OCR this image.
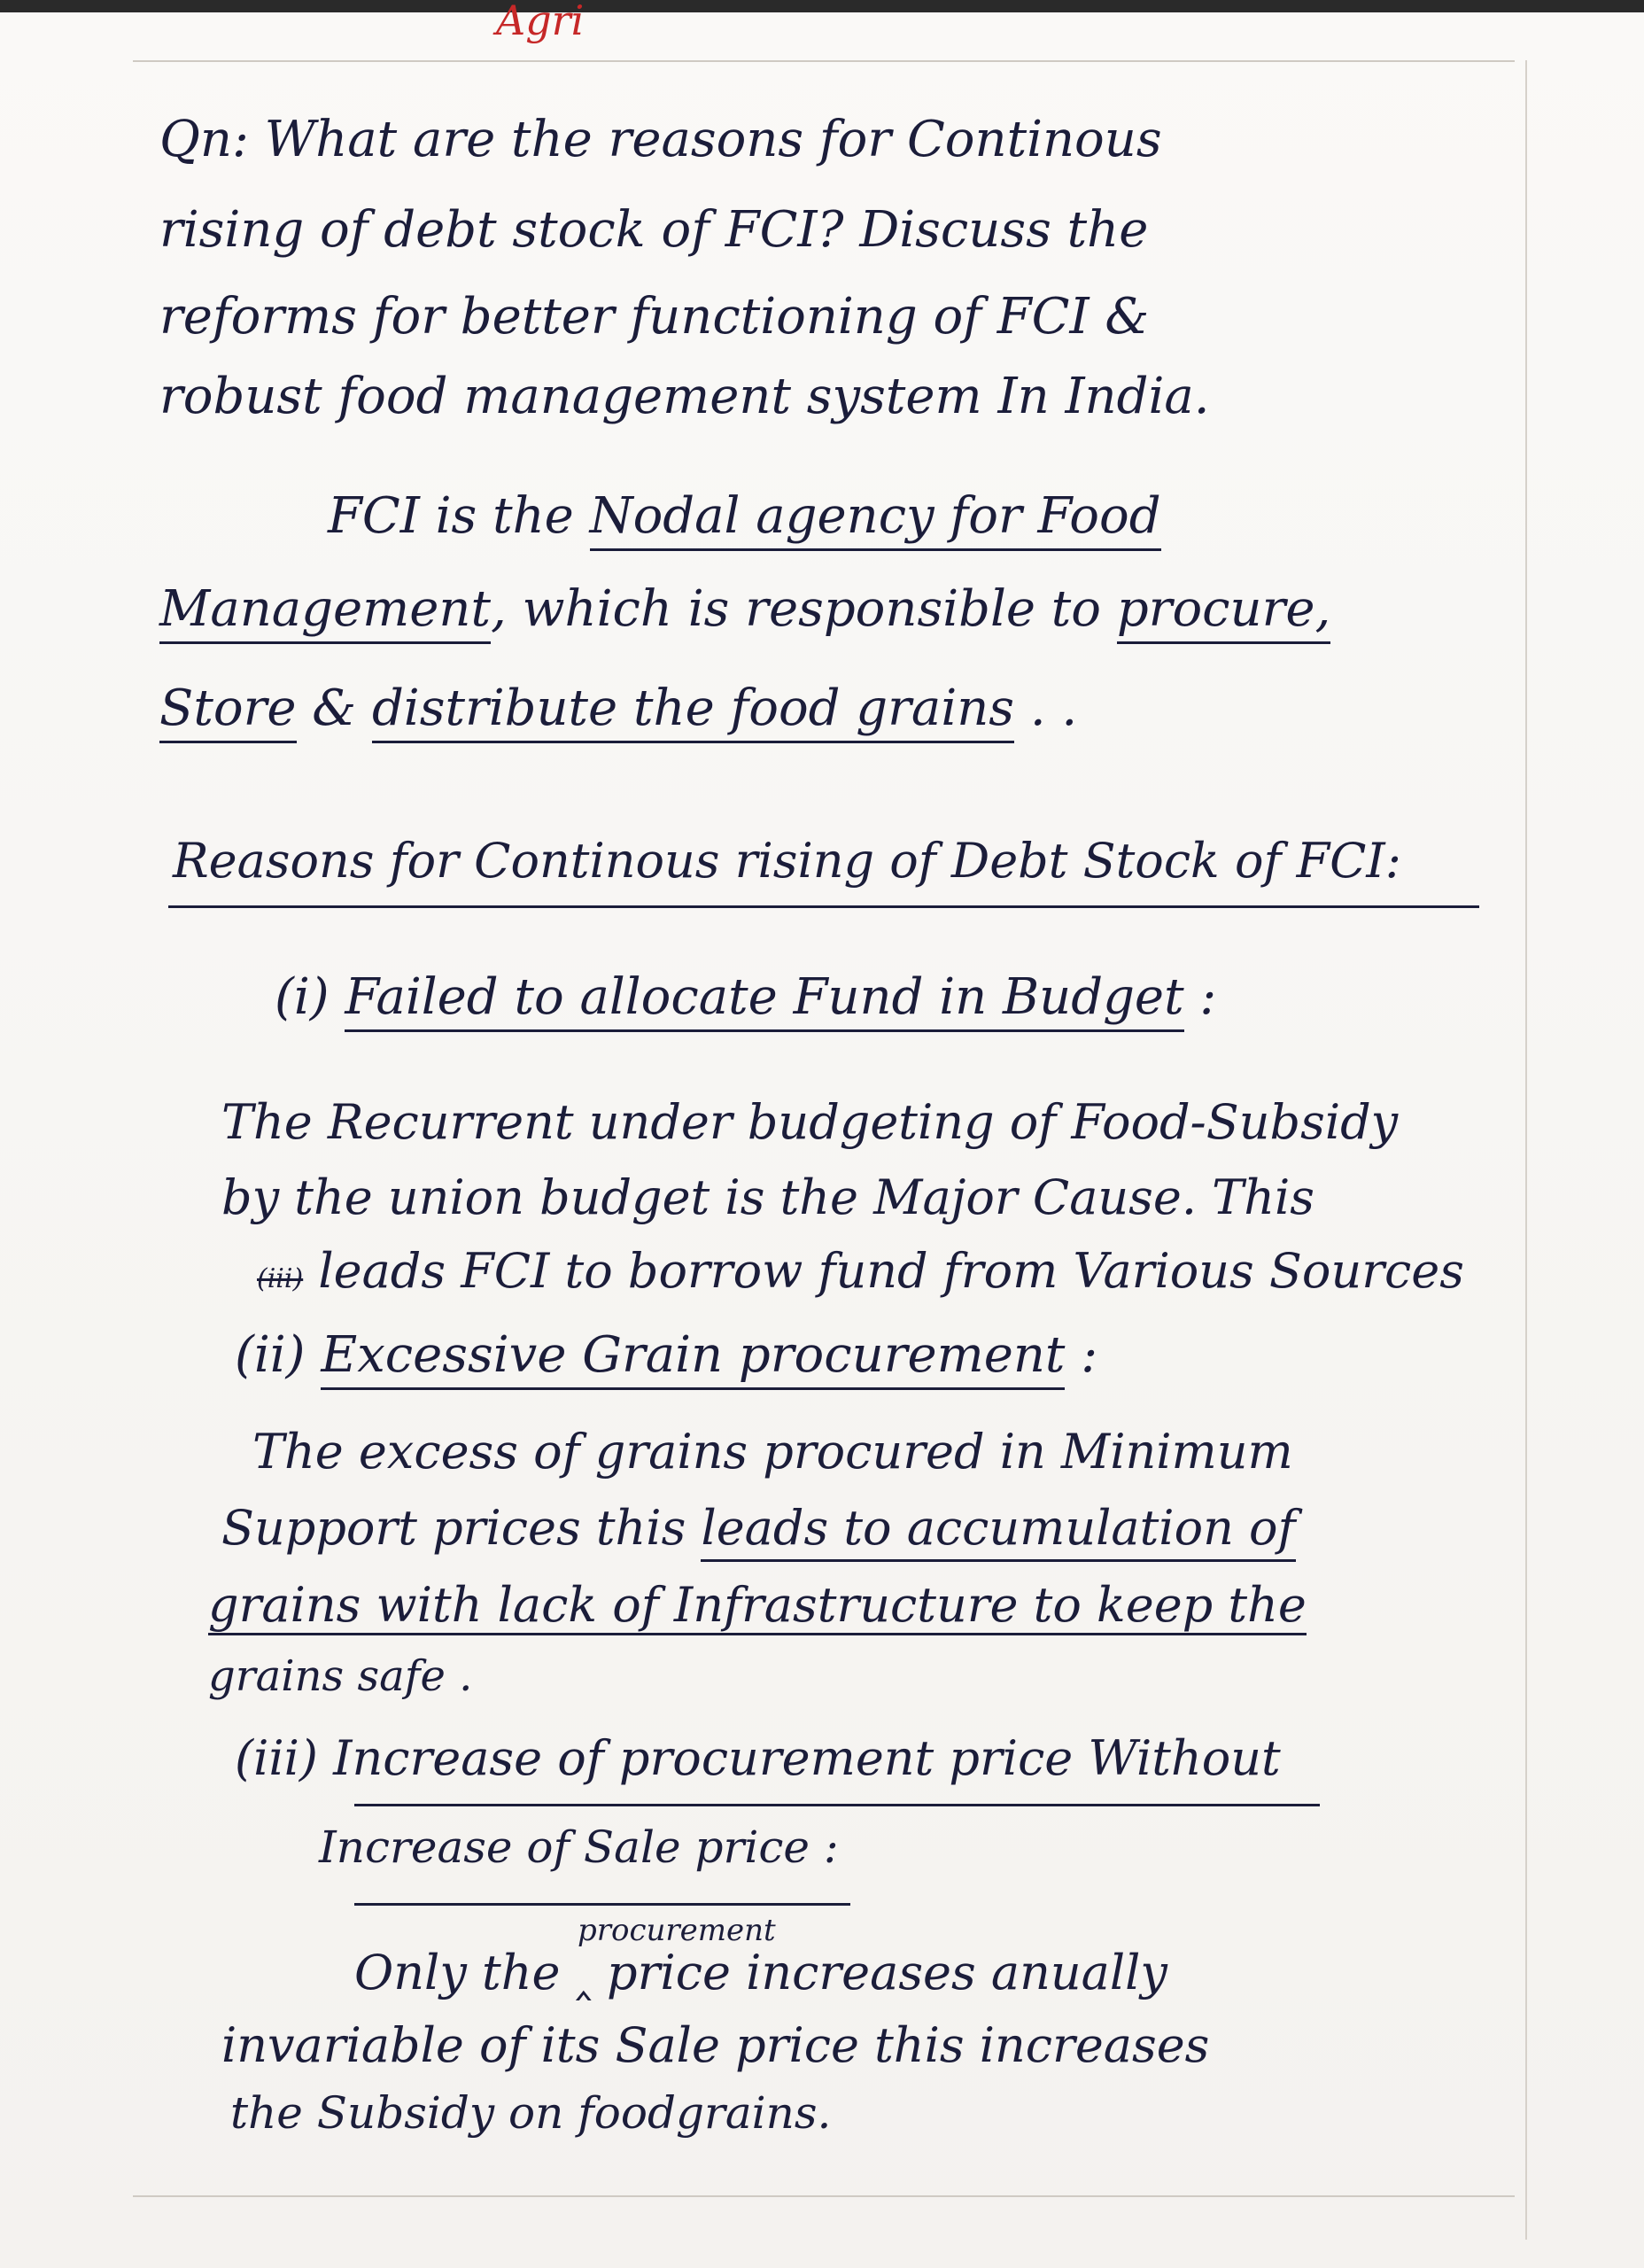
Agri

Qn: What are the reasons for Continous

rising of debt stock of FCI? Discuss the

reforms for better functioning of FCI &

robust food management system In India.

FCI is the Nodal agency for Food

Management, which is responsible to procure,

Store & distribute the food grains . .

Reasons for Continous rising of Debt Stock of FCI:

(i) Failed to allocate Fund in Budget :

The Recurrent under budgeting of Food-Subsidy

by the union budget is the Major Cause. This

(iii) leads FCI to borrow fund from Various Sources

(ii) Excessive Grain procurement :

The excess of grains procured in Minimum

Support prices this leads to accumulation of

grains with lack of Infrastructure to keep the

grains safe .

(iii) Increase of procurement price Without

Increase of Sale price :

procurement

Only the ‸ price increases anually

invariable of its Sale price this increases

the Subsidy on foodgrains.
